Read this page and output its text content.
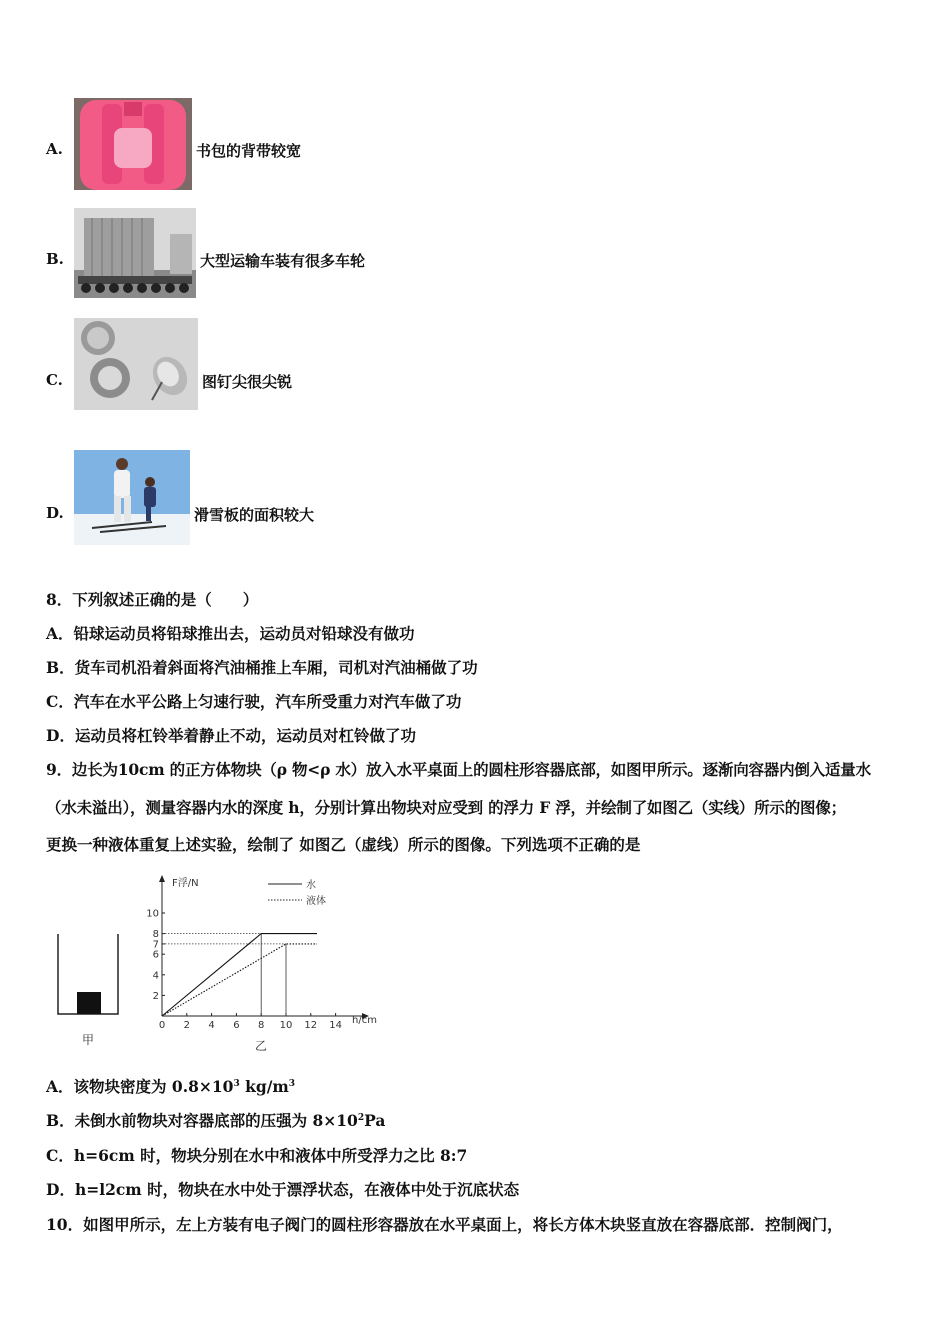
A.	书包的背带较宽
B.	大型运输车装有很多车轮
C.	图钉尖很尖锐
D.	滑雪板的面积较大
8．下列叙述正确的是（　　）
A．铅球运动员将铅球推出去，运动员对铅球没有做功
B．货车司机沿着斜面将汽油桶推上车厢，司机对汽油桶做了功
C．汽车在水平公路上匀速行驶，汽车所受重力对汽车做了功
D．运动员将杠铃举着静止不动，运动员对杠铃做了功
9．边长为10cm 的正方体物块（ρ 物<ρ 水）放入水平桌面上的圆柱形容器底部，如图甲所示。逐渐向容器内倒入适量水
（水未溢出），测量容器内水的深度 h，分别计算出物块对应受到 的浮力 F 浮，并绘制了如图乙（实线）所示的图像；
更换一种液体重复上述实验，绘制了 如图乙（虚线）所示的图像。下列选项不正确的是
甲
F浮/N
h/cm
水
液体
0 2 4 6 8 10 12 14
2
4
6
7
8
10
乙
A．该物块密度为 $0.8\times 10^3$ $kg/m^3$
B．未倒水前物块对容器底部的压强为 $8\times 10^2Pa$
C．h=6cm 时，物块分别在水中和液体中所受浮力之比 8:7
D．h=l2cm 时，物块在水中处于漂浮状态，在液体中处于沉底状态
10．如图甲所示，左上方装有电子阀门的圆柱形容器放在水平桌面上，将长方体木块竖直放在容器底部．控制阀门，
